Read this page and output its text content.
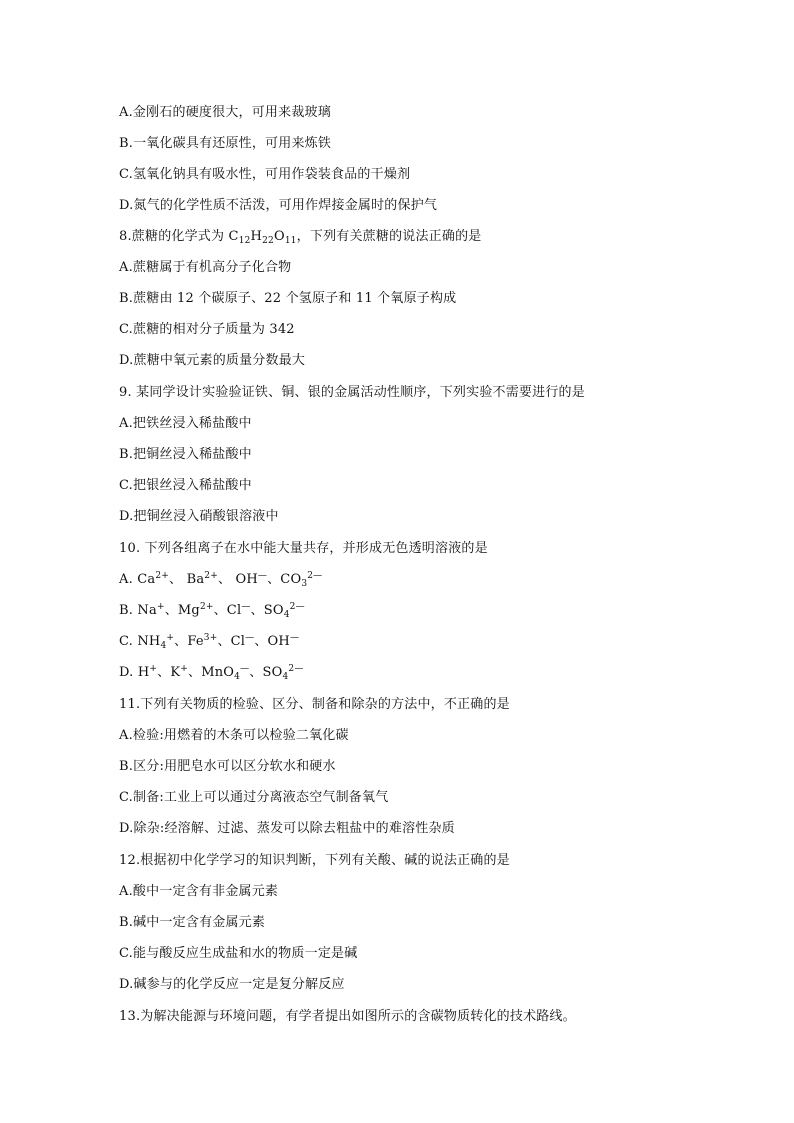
A.金刚石的硬度很大，可用来裁玻璃
B.一氧化碳具有还原性，可用来炼铁
C.氢氧化钠具有吸水性，可用作袋装食品的干燥剂
D.氮气的化学性质不活泼，可用作焊接金属时的保护气
8.蔗糖的化学式为 $C_{12}H_{22}O_{11}$，下列有关蔗糖的说法正确的是
A.蔗糖属于有机高分子化合物
B.蔗糖由 12 个碳原子、22 个氢原子和 11 个氧原子构成
C.蔗糖的相对分子质量为 342
D.蔗糖中氧元素的质量分数最大
9. 某同学设计实验验证铁、铜、银的金属活动性顺序，下列实验不需要进行的是
A.把铁丝浸入稀盐酸中
B.把铜丝浸入稀盐酸中
C.把银丝浸入稀盐酸中
D.把铜丝浸入硝酸银溶液中
10. 下列各组离子在水中能大量共存，并形成无色透明溶液的是
A. $Ca^{2+}$、 $Ba^{2+}$、 OH—、$CO_3^{2—}$
B. Na+、$Mg^{2+}$、Cl—、$SO_4^{2—}$
C. $NH_4^+$、$Fe^{3+}$、Cl—、OH—
D. H+、K+、MnO$_4$—、$SO_4^{2—}$
11.下列有关物质的检验、区分、制备和除杂的方法中，不正确的是
A.检验:用燃着的木条可以检验二氧化碳
B.区分:用肥皂水可以区分软水和硬水
C.制备:工业上可以通过分离液态空气制备氧气
D.除杂:经溶解、过滤、蒸发可以除去粗盐中的难溶性杂质
12.根据初中化学学习的知识判断，下列有关酸、碱的说法正确的是
A.酸中一定含有非金属元素
B.碱中一定含有金属元素
C.能与酸反应生成盐和水的物质一定是碱
D.碱参与的化学反应一定是复分解反应
13.为解决能源与环境问题，有学者提出如图所示的含碳物质转化的技术路线。
